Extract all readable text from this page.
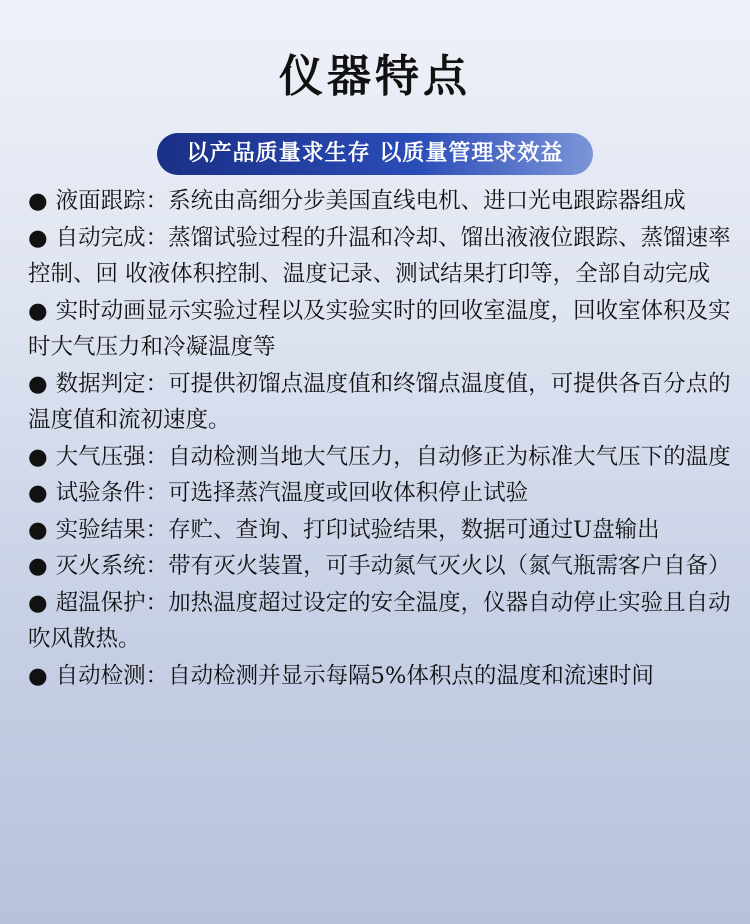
仪器特点
以产品质量求生存 以质量管理求效益

● 液面跟踪：系统由高细分步美国直线电机、进口光电跟踪器组成

● 自动完成：蒸馏试验过程的升温和冷却、馏出液液位跟踪、蒸馏速率控制、回 收液体积控制、温度记录、测试结果打印等，全部自动完成

● 实时动画显示实验过程以及实验实时的回收室温度，回收室体积及实时大气压力和冷凝温度等

● 数据判定：可提供初馏点温度值和终馏点温度值，可提供各百分点的温度值和流初速度。

● 大气压强：自动检测当地大气压力，自动修正为标准大气压下的温度

● 试验条件：可选择蒸汽温度或回收体积停止试验

● 实验结果：存贮、查询、打印试验结果，数据可通过U盘输出

● 灭火系统：带有灭火装置，可手动氮气灭火以（氮气瓶需客户自备）

● 超温保护：加热温度超过设定的安全温度，仪器自动停止实验且自动吹风散热。

● 自动检测：自动检测并显示每隔5%体积点的温度和流速时间
